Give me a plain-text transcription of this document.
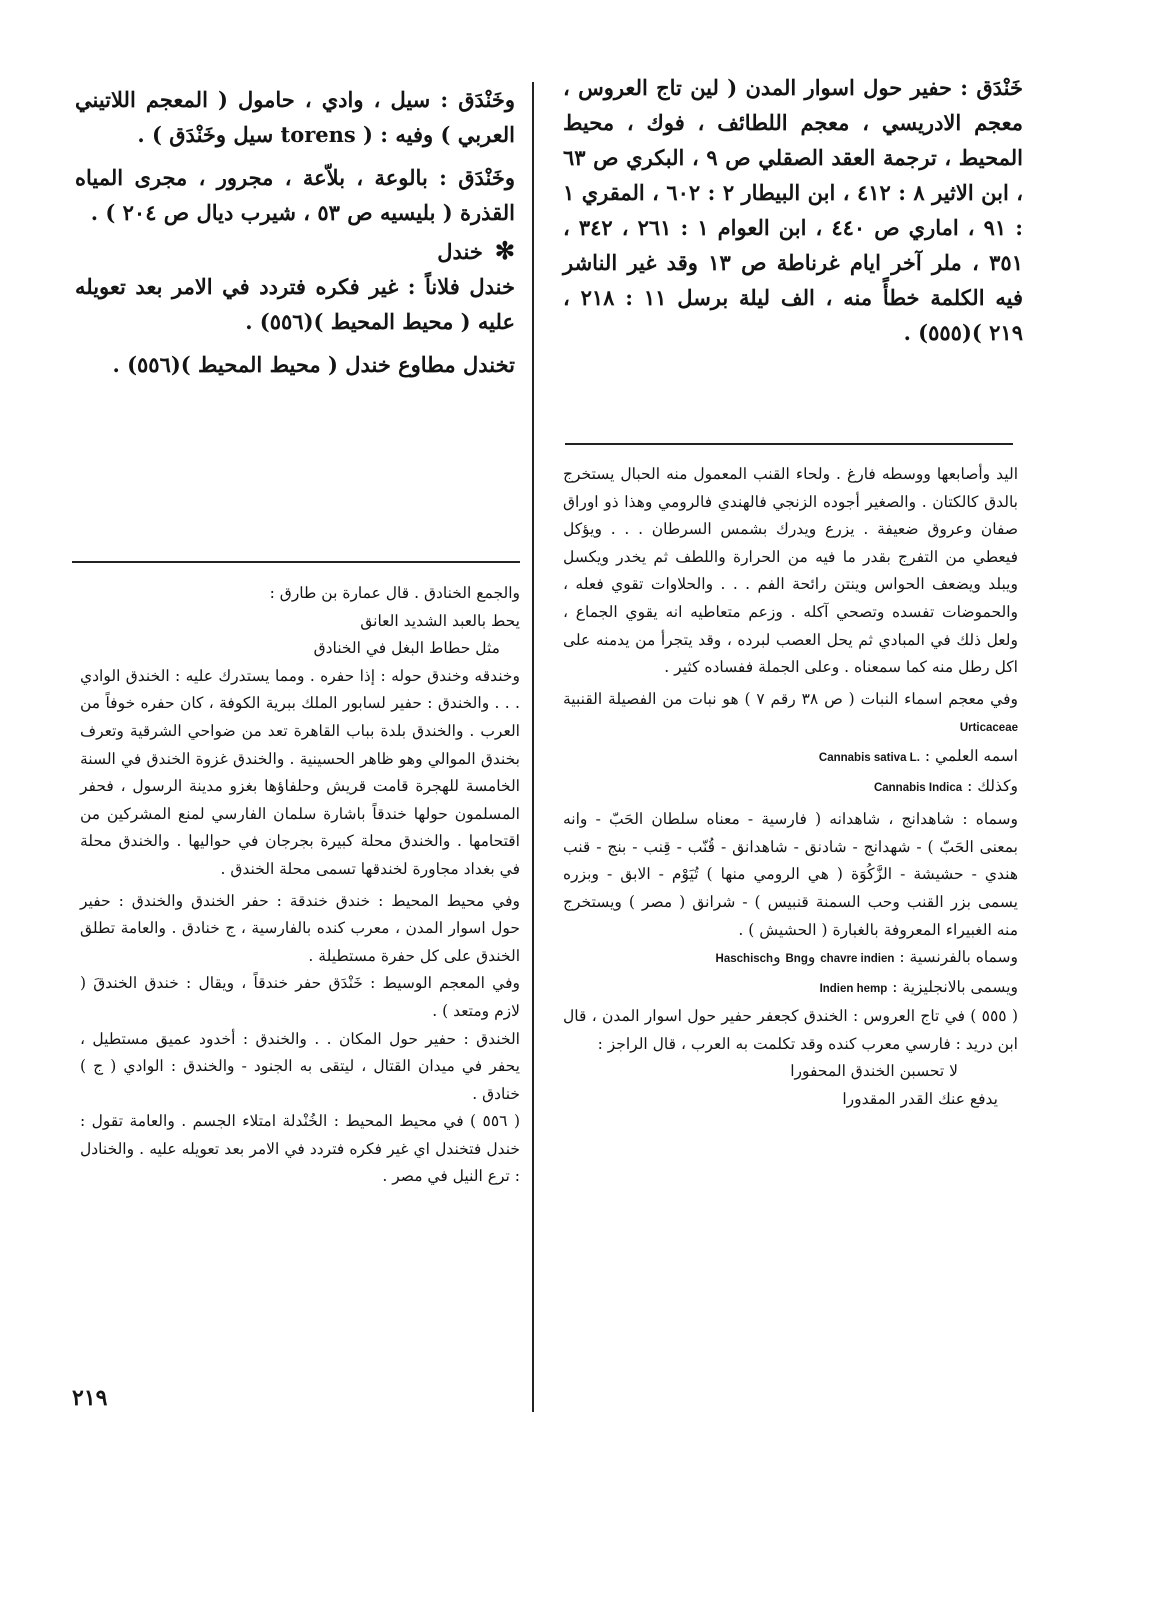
خَنْدَق : حفير حول اسوار المدن ( لين تاج العروس ، معجم الادريسي ، معجم اللطائف ، فوك ، محيط المحيط ، ترجمة العقد الصقلي ص ٩ ، البكري ص ٦٣ ، ابن الاثير ٨ : ٤١٢ ، ابن البيطار ٢ : ٦٠٢ ، المقري ١ : ٩١ ، اماري ص ٤٤٠ ، ابن العوام ١ : ٢٦١ ، ٣٤٢ ، ٣٥١ ، ملر آخر ايام غرناطة ص ١٣ وقد غير الناشر فيه الكلمة خطأً منه ، الف ليلة برسل ١١ : ٢١٨ ، ٢١٩ )(٥٥٥) .

اليد وأصابعها ووسطه فارغ . ولحاء القنب المعمول منه الحبال يستخرج بالدق كالكتان . والصغير أجوده الزنجي فالهندي فالرومي وهذا ذو اوراق صفان وعروق ضعيفة . يزرع ويدرك بشمس السرطان . . . ويؤكل فيعطي من التفرج بقدر ما فيه من الحرارة واللطف ثم يخدر ويكسل ويبلد ويضعف الحواس وينتن رائحة الفم . . . والحلاوات تقوي فعله ، والحموضات تفسده وتصحي آكله . وزعم متعاطيه انه يقوي الجماع ، ولعل ذلك في المبادي ثم يحل العصب لبرده ، وقد يتجرأ من يدمنه على اكل رطل منه كما سمعناه . وعلى الجملة ففساده كثير .

وفي معجم اسماء النبات ( ص ٣٨ رقم ٧ ) هو نبات من الفصيلة القنبية Urticaceae

اسمه العلمي : Cannabis sativa L.

وكذلك : Cannabis Indica

وسماه : شاهدانج ، شاهدانه ( فارسية - معناه سلطان الحَبّ - وانه بمعنى الحَبّ ) - شهدانج - شادنق - شاهدانق - قُنّب - قِنب - بنج - قنب هندي - حشيشة - الزَّكُوَة ( هي الرومي منها ) تُيَوْم - الابق - وبزره يسمى بزر القنب وحب السمنة قنبيس ) - شرانق ( مصر ) ويستخرج منه الغبيراء المعروفة بالغبارة ( الحشيش ) .

وسماه بالفرنسية : chavre indien وBng وHaschisch

ويسمى بالانجليزية : Indien hemp

( ٥٥٥ ) في تاج العروس : الخندق كجعفر حفير حول اسوار المدن ، قال ابن دريد : فارسي معرب كنده وقد تكلمت به العرب ، قال الراجز :

لا تحسبن الخندق المحفورا

يدفع عنك القدر المقدورا

وخَنْدَق : سيل ، وادي ، حامول ( المعجم اللاتيني العربي ) وفيه : ( torens سيل وخَنْدَق ) .

وخَنْدَق : بالوعة ، بلاّعة ، مجرور ، مجرى المياه القذرة ( بليسيه ص ٥٣ ، شيرب ديال ص ٢٠٤ ) .

✻خندل

خندل فلاناً : غير فكره فتردد في الامر بعد تعويله عليه ( محيط المحيط )(٥٥٦) .

تخندل مطاوع خندل ( محيط المحيط )(٥٥٦) .

والجمع الخنادق . قال عمارة بن طارق :

يحط بالعبد الشديد العانق

مثل حطاط البغل في الخنادق

وخندقه وخندق حوله : إذا حفره . ومما يستدرك عليه : الخندق الوادي . . . والخندق : حفير لسابور الملك ببرية الكوفة ، كان حفره خوفاً من العرب . والخندق بلدة بباب القاهرة تعد من ضواحي الشرقية وتعرف بخندق الموالي وهو ظاهر الحسينية . والخندق غزوة الخندق في السنة الخامسة للهجرة قامت قريش وحلفاؤها بغزو مدينة الرسول ، فحفر المسلمون حولها خندقاً باشارة سلمان الفارسي لمنع المشركين من اقتحامها . والخندق محلة كبيرة بجرجان في حواليها . والخندق محلة في بغداد مجاورة لخندقها تسمى محلة الخندق .

وفي محيط المحيط : خندق خندقة : حفر الخندق والخندق : حفير حول اسوار المدن ، معرب كنده بالفارسية ، ج خنادق . والعامة تطلق الخندق على كل حفرة مستطيلة .

وفي المعجم الوسيط : خَنْدَق حفر خندقاً ، ويقال : خندق الخندقَ ( لازم ومتعد ) .

الخندق : حفير حول المكان . . والخندق : أخدود عميق مستطيل ، يحفر في ميدان القتال ، ليتقى به الجنود - والخندق : الوادي ( ج ) خنادق .

( ٥٥٦ ) في محيط المحيط : الخُنْدلة امتلاء الجسم . والعامة تقول : خندل فتخندل اي غير فكره فتردد في الامر بعد تعويله عليه . والخنادل : ترع النيل في مصر .

٢١٩
